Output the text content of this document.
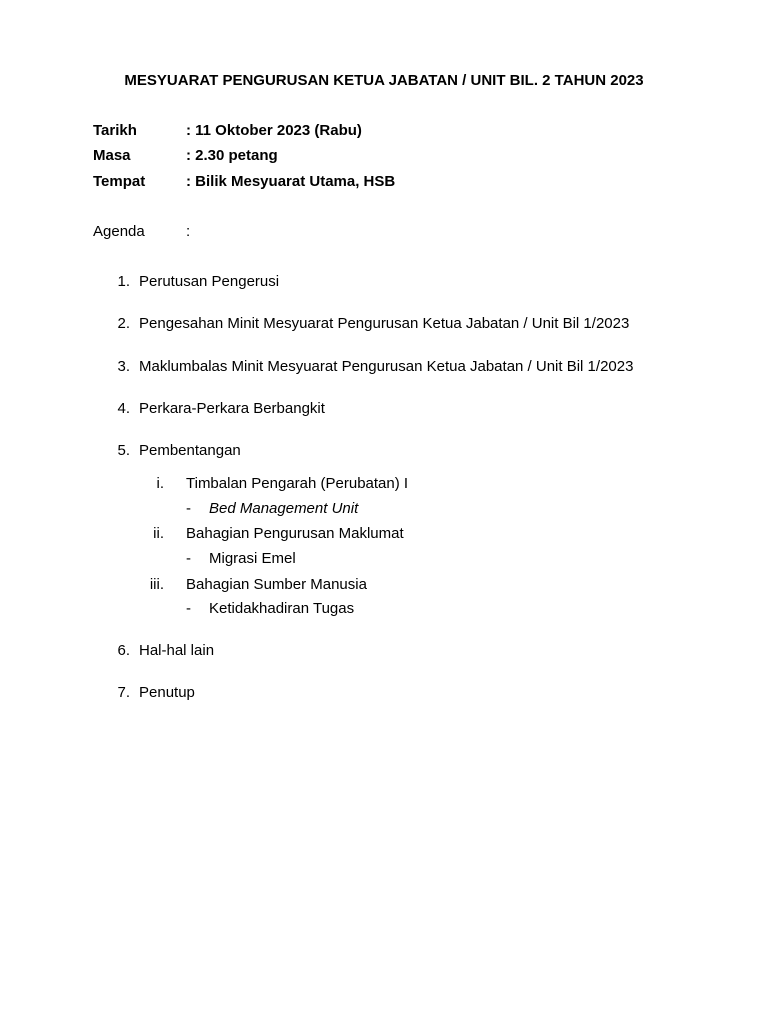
MESYUARAT PENGURUSAN KETUA JABATAN / UNIT BIL. 2 TAHUN 2023
Tarikh	: 11 Oktober 2023 (Rabu)
Masa	: 2.30 petang
Tempat	: Bilik Mesyuarat Utama, HSB
Agenda	:
1. Perutusan Pengerusi
2. Pengesahan Minit Mesyuarat Pengurusan Ketua Jabatan / Unit Bil 1/2023
3. Maklumbalas Minit Mesyuarat Pengurusan Ketua Jabatan / Unit Bil 1/2023
4. Perkara-Perkara Berbangkit
5. Pembentangan
i. Timbalan Pengarah (Perubatan) I
- Bed Management Unit
ii. Bahagian Pengurusan Maklumat
- Migrasi Emel
iii. Bahagian Sumber Manusia
- Ketidakhadiran Tugas
6. Hal-hal lain
7. Penutup
